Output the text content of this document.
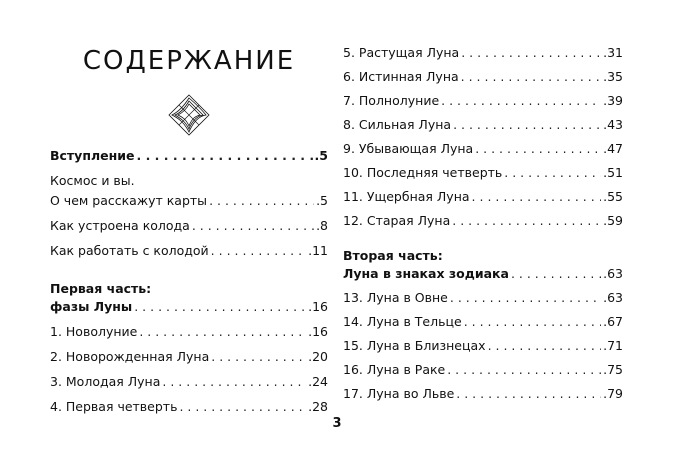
СОДЕРЖАНИЕ
Вступление . . .	.5
Космос и вы.
О чем расскажут карты . . .	.5
Как устроена колода . . .	.8
Как работать с колодой . . .	.11
Первая часть:
фазы Луны . . .	.16
1. Новолуние . . .	.16
2. Новорожденная Луна . . .	.20
3. Молодая Луна . . .	.24
4. Первая четверть . . .	.28
5. Растущая Луна . . .	.31
6. Истинная Луна . . .	.35
7. Полнолуние . . .	.39
8. Сильная Луна . . .	.43
9. Убывающая Луна . . .	.47
10. Последняя четверть . . .	.51
11. Ущербная Луна . . .	.55
12. Старая Луна . . .	.59
Вторая часть:
Луна в знаках зодиака . . .	.63
13. Луна в Овне . . .	.63
14. Луна в Тельце . . .	.67
15. Луна в Близнецах . . .	.71
16. Луна в Раке . . .	.75
17. Луна во Льве . . .	.79
3
